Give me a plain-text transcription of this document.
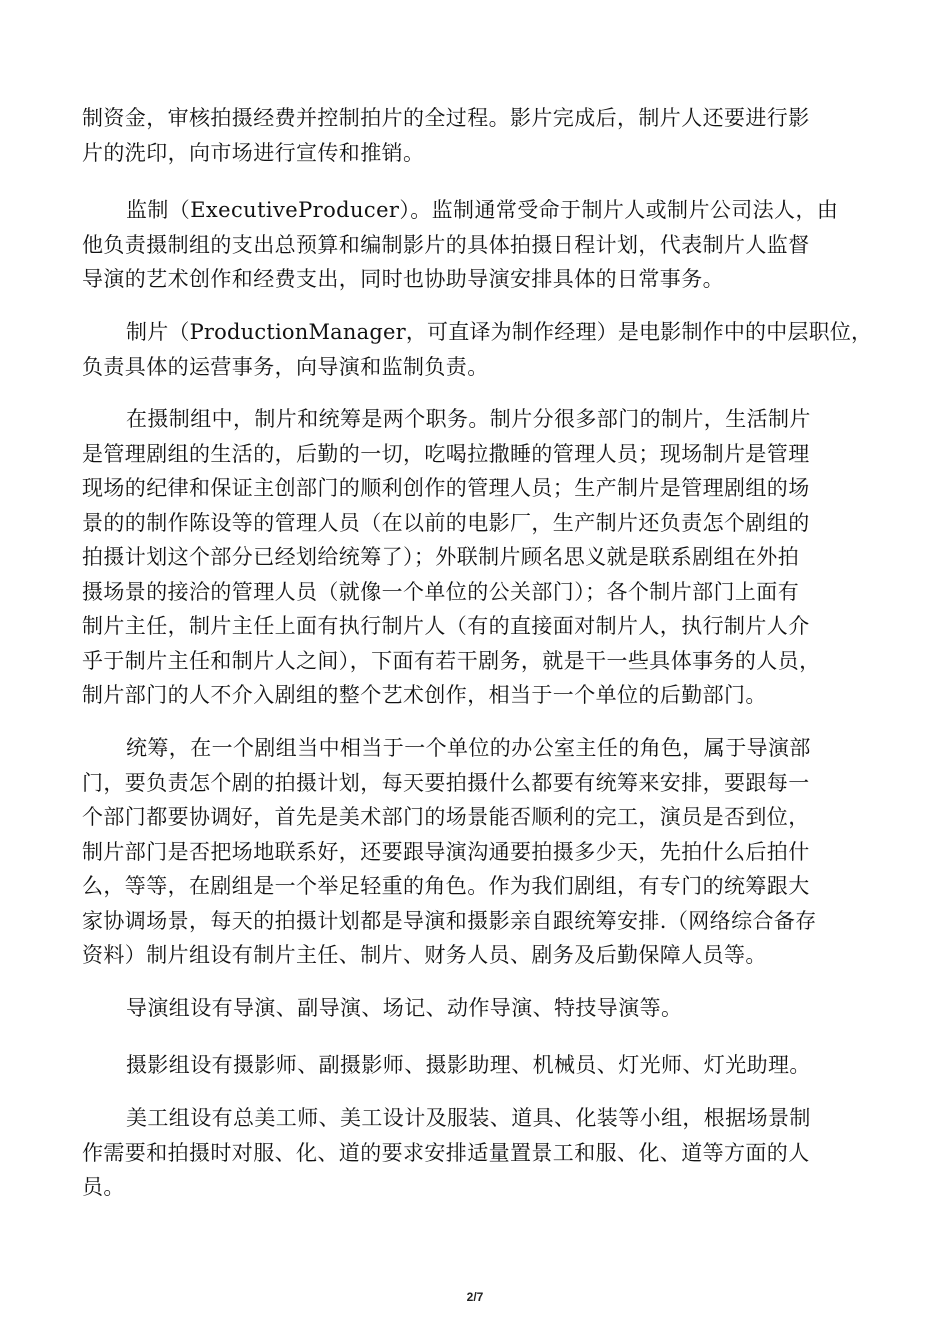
制资金，审核拍摄经费并控制拍片的全过程。影片完成后，制片人还要进行影
片的洗印，向市场进行宣传和推销。
监制（ExecutiveProducer）。监制通常受命于制片人或制片公司法人，由
他负责摄制组的支出总预算和编制影片的具体拍摄日程计划，代表制片人监督
导演的艺术创作和经费支出，同时也协助导演安排具体的日常事务。
制片（ProductionManager，可直译为制作经理）是电影制作中的中层职位，
负责具体的运营事务，向导演和监制负责。
在摄制组中，制片和统筹是两个职务。制片分很多部门的制片，生活制片
是管理剧组的生活的，后勤的一切，吃喝拉撒睡的管理人员；现场制片是管理
现场的纪律和保证主创部门的顺利创作的管理人员；生产制片是管理剧组的场
景的的制作陈设等的管理人员（在以前的电影厂，生产制片还负责怎个剧组的
拍摄计划这个部分已经划给统筹了）；外联制片顾名思义就是联系剧组在外拍
摄场景的接洽的管理人员（就像一个单位的公关部门）；各个制片部门上面有
制片主任，制片主任上面有执行制片人（有的直接面对制片人，执行制片人介
乎于制片主任和制片人之间），下面有若干剧务，就是干一些具体事务的人员，
制片部门的人不介入剧组的整个艺术创作，相当于一个单位的后勤部门。
统筹，在一个剧组当中相当于一个单位的办公室主任的角色，属于导演部
门，要负责怎个剧的拍摄计划，每天要拍摄什么都要有统筹来安排，要跟每一
个部门都要协调好，首先是美术部门的场景能否顺利的完工，演员是否到位，
制片部门是否把场地联系好，还要跟导演沟通要拍摄多少天，先拍什么后拍什
么，等等，在剧组是一个举足轻重的角色。作为我们剧组，有专门的统筹跟大
家协调场景，每天的拍摄计划都是导演和摄影亲自跟统筹安排.（网络综合备存
资料）制片组设有制片主任、制片、财务人员、剧务及后勤保障人员等。
导演组设有导演、副导演、场记、动作导演、特技导演等。
摄影组设有摄影师、副摄影师、摄影助理、机械员、灯光师、灯光助理。
美工组设有总美工师、美工设计及服装、道具、化装等小组，根据场景制
作需要和拍摄时对服、化、道的要求安排适量置景工和服、化、道等方面的人
员。
2/7
